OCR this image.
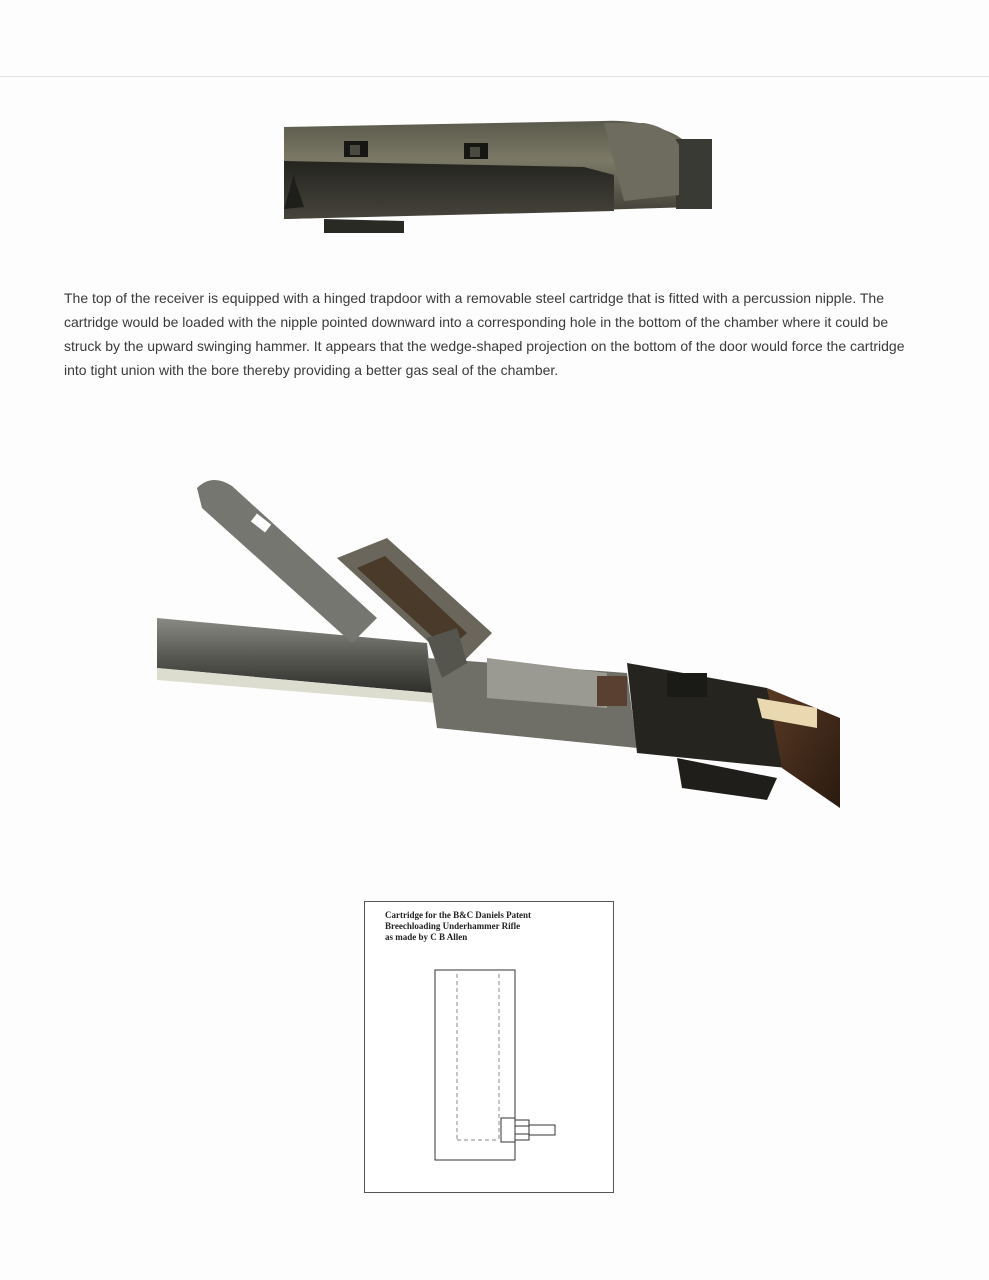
The top of the receiver is equipped with a hinged trapdoor with a removable steel cartridge that is fitted with a percussion nipple. The cartridge would be loaded with the nipple pointed downward into a corresponding hole in the bottom of the chamber where it could be struck by the upward swinging hammer. It appears that the wedge-shaped projection on the bottom of the door would force the cartridge into tight union with the bore thereby providing a better gas seal of the chamber.

Cartridge for the B&C Daniels Patent
Breechloading Underhammer Rifle
as made by C B Allen
